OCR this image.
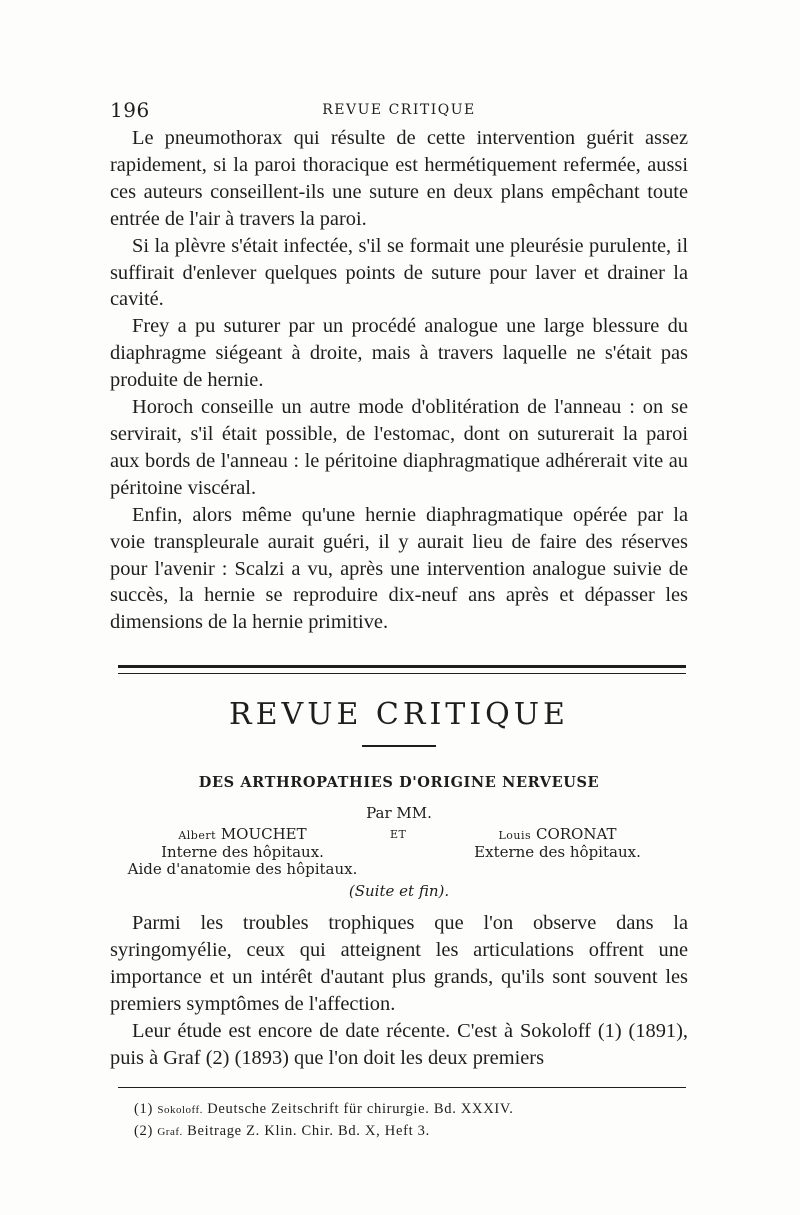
196	REVUE CRITIQUE

Le pneumothorax qui résulte de cette intervention guérit assez rapidement, si la paroi thoracique est hermétiquement refermée, aussi ces auteurs conseillent-ils une suture en deux plans empêchant toute entrée de l'air à travers la paroi.

Si la plèvre s'était infectée, s'il se formait une pleurésie purulente, il suffirait d'enlever quelques points de suture pour laver et drainer la cavité.

Frey a pu suturer par un procédé analogue une large blessure du diaphragme siégeant à droite, mais à travers laquelle ne s'était pas produite de hernie.

Horoch conseille un autre mode d'oblitération de l'anneau : on se servirait, s'il était possible, de l'estomac, dont on suturerait la paroi aux bords de l'anneau : le péritoine diaphragmatique adhérerait vite au péritoine viscéral.

Enfin, alors même qu'une hernie diaphragmatique opérée par la voie transpleurale aurait guéri, il y aurait lieu de faire des réserves pour l'avenir : Scalzi a vu, après une intervention analogue suivie de succès, la hernie se reproduire dix-neuf ans après et dépasser les dimensions de la hernie primitive.

REVUE CRITIQUE
DES ARTHROPATHIES D'ORIGINE NERVEUSE
Par MM.
Albert MOUCHET
Interne des hôpitaux.
Aide d'anatomie des hôpitaux.
ET	Louis CORONAT
Externe des hôpitaux.
(Suite et fin).

Parmi les troubles trophiques que l'on observe dans la syringomyélie, ceux qui atteignent les articulations offrent une importance et un intérêt d'autant plus grands, qu'ils sont souvent les premiers symptômes de l'affection.

Leur étude est encore de date récente. C'est à Sokoloff (1) (1891), puis à Graf (2) (1893) que l'on doit les deux premiers

(1) Sokoloff. Deutsche Zeitschrift für chirurgie. Bd. XXXIV.
(2) Graf. Beitrage Z. Klin. Chir. Bd. X, Heft 3.
